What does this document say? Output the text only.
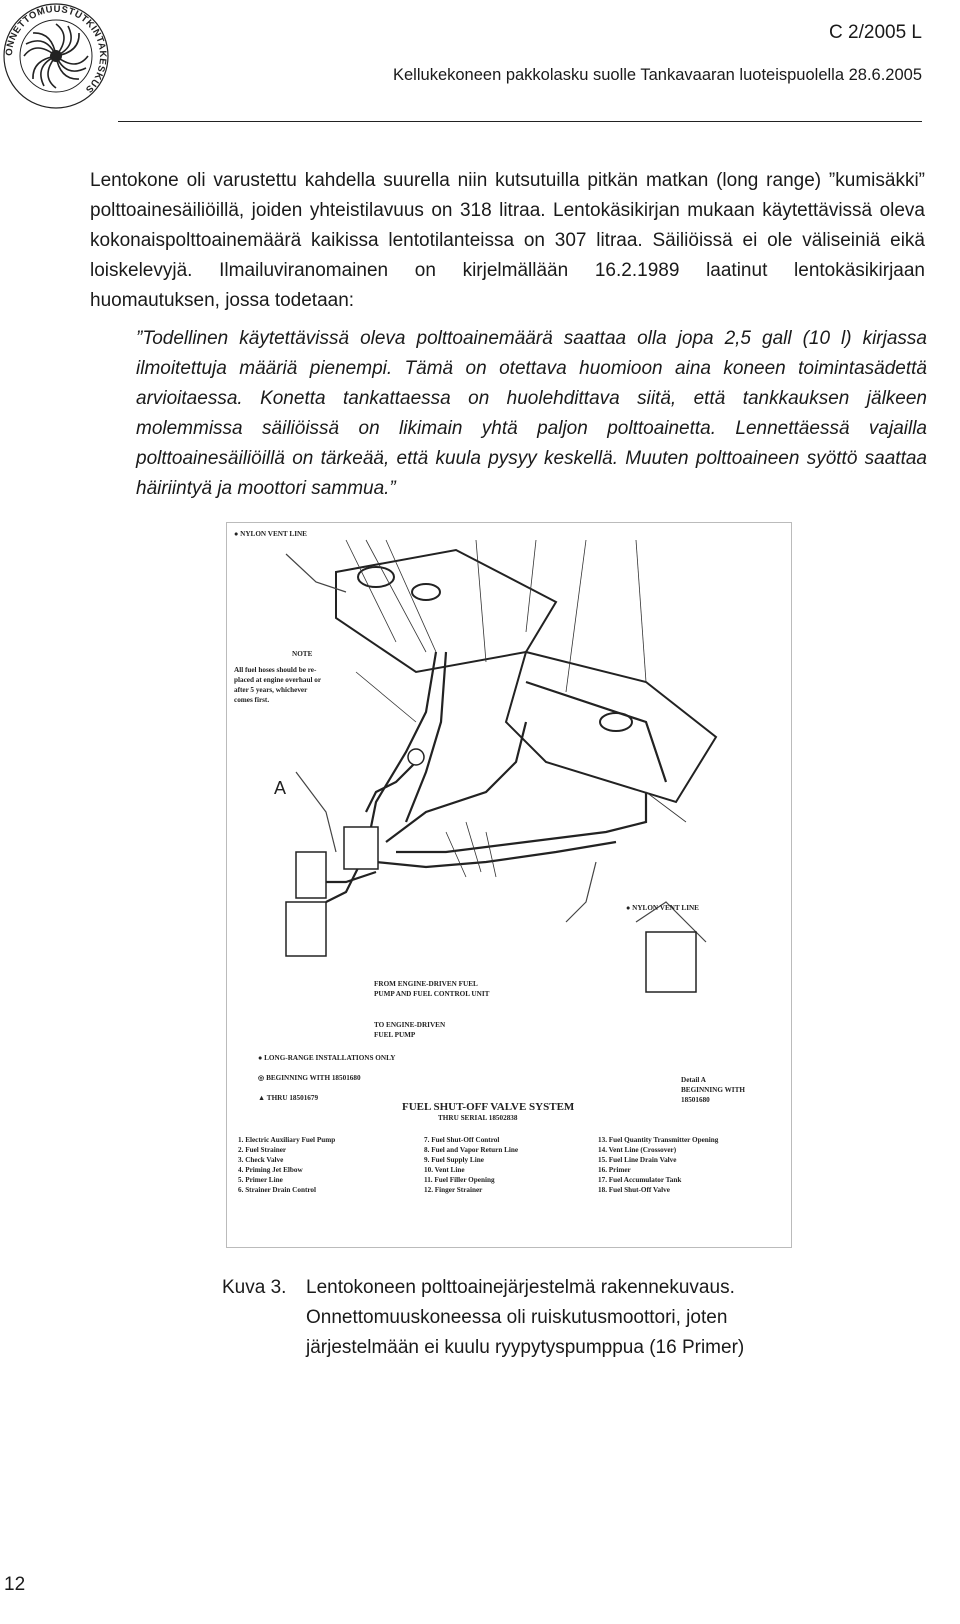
ONNETTOMUUSTUTKINTAKESKUS
C 2/2005 L
Kellukekoneen pakkolasku suolle Tankavaaran luoteispuolella 28.6.2005
Lentokone oli varustettu kahdella suurella niin kutsutuilla pitkän matkan (long range) ”kumisäkki” polttoainesäiliöillä, joiden yhteistilavuus on 318 litraa. Lentokäsikirjan mukaan käytettävissä oleva kokonaispolttoainemäärä kaikissa lentotilanteissa on 307 litraa. Säiliöissä ei ole väliseiniä eikä loiskelevyjä. Ilmailuviranomainen on kirjelmällään 16.2.1989 laatinut lentokäsikirjaan huomautuksen, jossa todetaan:
”Todellinen käytettävissä oleva polttoainemäärä saattaa olla jopa 2,5 gall (10 l) kirjassa ilmoitettuja määriä pienempi. Tämä on otettava huomioon aina koneen toimintasädettä arvioitaessa. Konetta tankattaessa on huolehdittava siitä, että tankkauksen jälkeen molemmissa säiliöissä on likimain yhtä paljon polttoainetta. Lennettäessä vajailla polttoainesäiliöillä on tärkeää, että kuula pysyy keskellä. Muuten polttoaineen syöttö saattaa häiriintyä ja moottori sammua.”
● NYLON VENT LINE
● NYLON VENT LINE
NOTE
All fuel hoses should be re-
placed at engine overhaul or
after 5 years, whichever
comes first.
A
FROM ENGINE-DRIVEN FUEL
PUMP AND FUEL CONTROL UNIT
TO ENGINE-DRIVEN
FUEL PUMP
● LONG-RANGE INSTALLATIONS ONLY
◎ BEGINNING WITH 18501680
▲ THRU 18501679
Detail A
BEGINNING WITH
18501680
FUEL SHUT-OFF VALVE SYSTEM
THRU SERIAL 18502838
1. Electric Auxiliary Fuel Pump
2. Fuel Strainer
3. Check Valve
4. Priming Jet Elbow
5. Primer Line
6. Strainer Drain Control
7. Fuel Shut-Off Control
8. Fuel and Vapor Return Line
9. Fuel Supply Line
10. Vent Line
11. Fuel Filler Opening
12. Finger Strainer
13. Fuel Quantity Transmitter Opening
14. Vent Line (Crossover)
15. Fuel Line Drain Valve
16. Primer
17. Fuel Accumulator Tank
18. Fuel Shut-Off Valve
Kuva 3. Lentokoneen polttoainejärjestelmä rakennekuvaus.
Onnettomuuskoneessa oli ruiskutusmoottori, joten
järjestelmään ei kuulu ryypytyspumppua (16 Primer)
12
